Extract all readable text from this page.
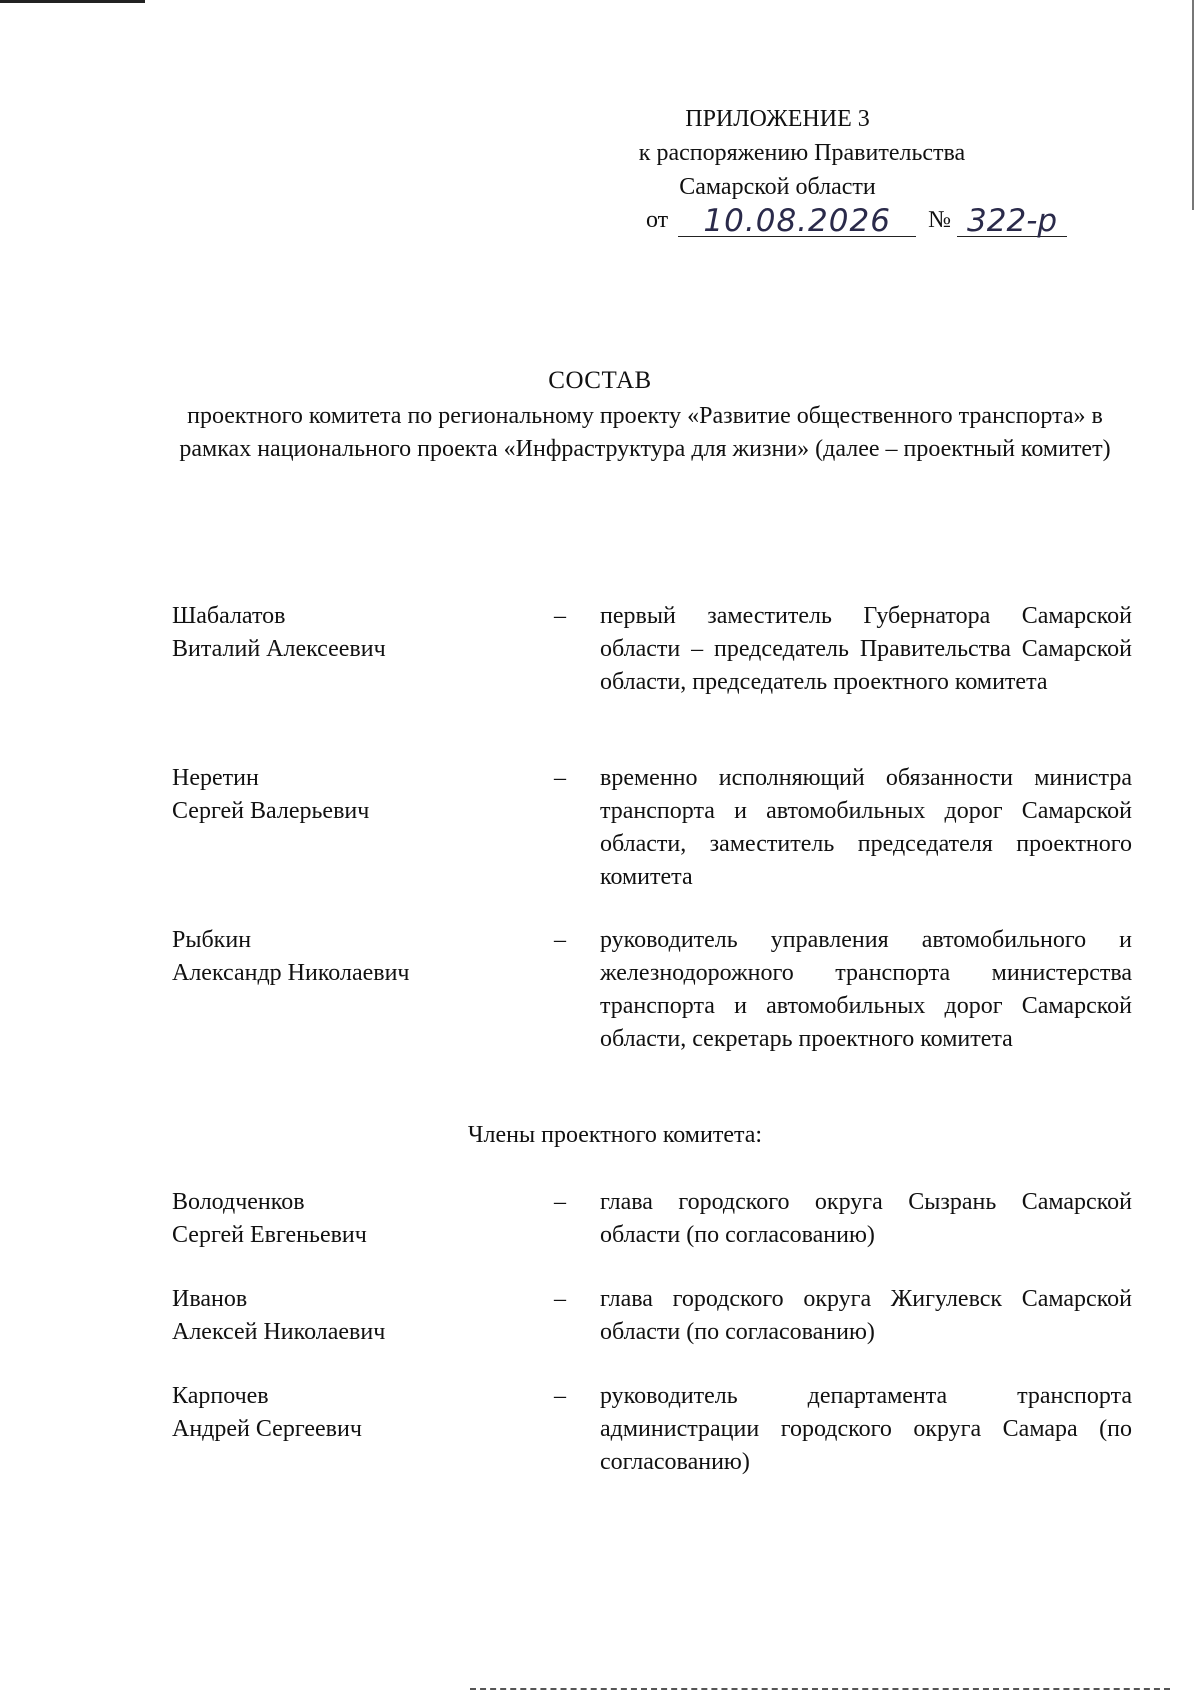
ПРИЛОЖЕНИЕ 3
к распоряжению Правительства
Самарской области
от	10.08.2026	№ 322-р
СОСТАВ
проектного комитета по региональному проекту «Развитие общественного транспорта» в рамках национального проекта «Инфраструктура для жизни» (далее – проектный комитет)
Шабалатов
Виталий Алексеевич
– первый заместитель Губернатора Самарской области – председатель Правительства Самарской области, председатель проектного комитета
Неретин
Сергей Валерьевич
– временно исполняющий обязанности министра транспорта и автомобильных дорог Самарской области, заместитель председателя проектного комитета
Рыбкин
Александр Николаевич
– руководитель управления автомобильного и железнодорожного транспорта министерства транспорта и автомобильных дорог Самарской области, секретарь проектного комитета
Члены проектного комитета:
Володченков
Сергей Евгеньевич
– глава городского округа Сызрань Самарской области (по согласованию)
Иванов
Алексей Николаевич
– глава городского округа Жигулевск Самарской области (по согласованию)
Карпочев
Андрей Сергеевич
– руководитель департамента транспорта администрации городского округа Самара (по согласованию)
